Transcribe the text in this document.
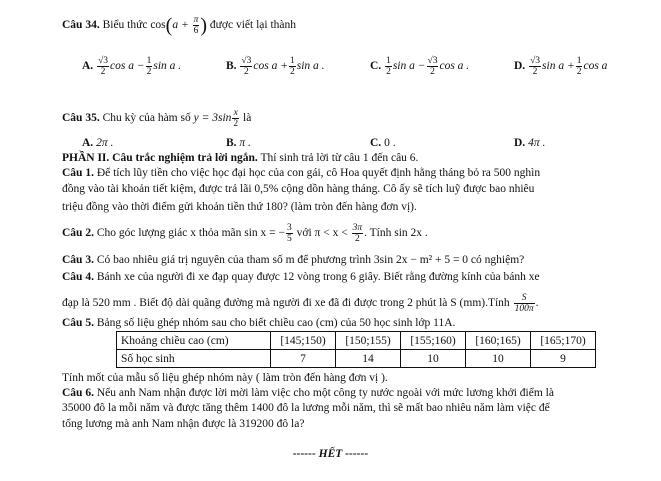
Câu 34. Biểu thức $\cos(a + \frac{\pi}{6}$ ) được viết lại thành
A. $\frac{√3}{2}$ $\cos a - \frac{1}{2}$ sin a .	B. $\frac{√3}{2}$ $\cos a + \frac{1}{2}$ sin a .	C. $\frac{1}{2}$ $\sin a - \frac{√3}{2}$ cos a .	D. $\frac{√3}{2}$ $\sin a + \frac{1}{2}$ cos a
Câu 35. Chu kỳ của hàm số $y = 3\sin \frac{x}{2}$ là
A. 2π .	B. π .	C. 0 .	D. 4π .
PHẦN II. Câu trắc nghiệm trả lời ngắn. Thí sinh trả lời từ câu 1 đến câu 6.
Câu 1. Để tích lũy tiền cho việc học đại học của con gái, cô Hoa quyết định hằng tháng bỏ ra 500 nghìn
đồng vào tài khoản tiết kiệm, được trả lãi 0,5% cộng dồn hàng tháng. Cô ấy sẽ tích luỹ được bao nhiêu
triệu đồng vào thời điểm gửi khoản tiền thứ 180? (làm tròn đến hàng đơn vị).
Câu 2. Cho góc lượng giác x thỏa mãn sin x = − $\frac{3}{5}$ với $\pi < x < \frac{3\pi}{2}$ . Tính sin 2x .
Câu 3. Có bao nhiêu giá trị nguyên của tham số m để phương trình 3sin 2x − m² + 5 = 0 có nghiệm?
Câu 4. Bánh xe của người đi xe đạp quay được 12 vòng trong 6 giây. Biết rằng đường kính của bánh xe
đạp là 520 mm . Biết độ dài quãng đường mà người đi xe đã đi được trong 2 phút là S (mm).Tính $\frac{S}{100\pi}$ .
Câu 5. Bảng số liệu ghép nhóm sau cho biết chiều cao (cm) của 50 học sinh lớp 11A.
Khoảng chiều cao (cm)	[145;150)	[150;155)	[155;160)	[160;165)	[165;170)
Số học sinh	7	14	10	10	9
Tính mốt của mẫu số liệu ghép nhóm này ( làm tròn đến hàng đơn vị ).
Câu 6. Nếu anh Nam nhận được lời mời làm việc cho một công ty nước ngoài với mức lương khởi điểm là
35000 đô la mỗi năm và được tăng thêm 1400 đô la lương mỗi năm, thì sẽ mất bao nhiêu năm làm việc để
tổng lương mà anh Nam nhận được là 319200 đô la?
------ HẾT ------
